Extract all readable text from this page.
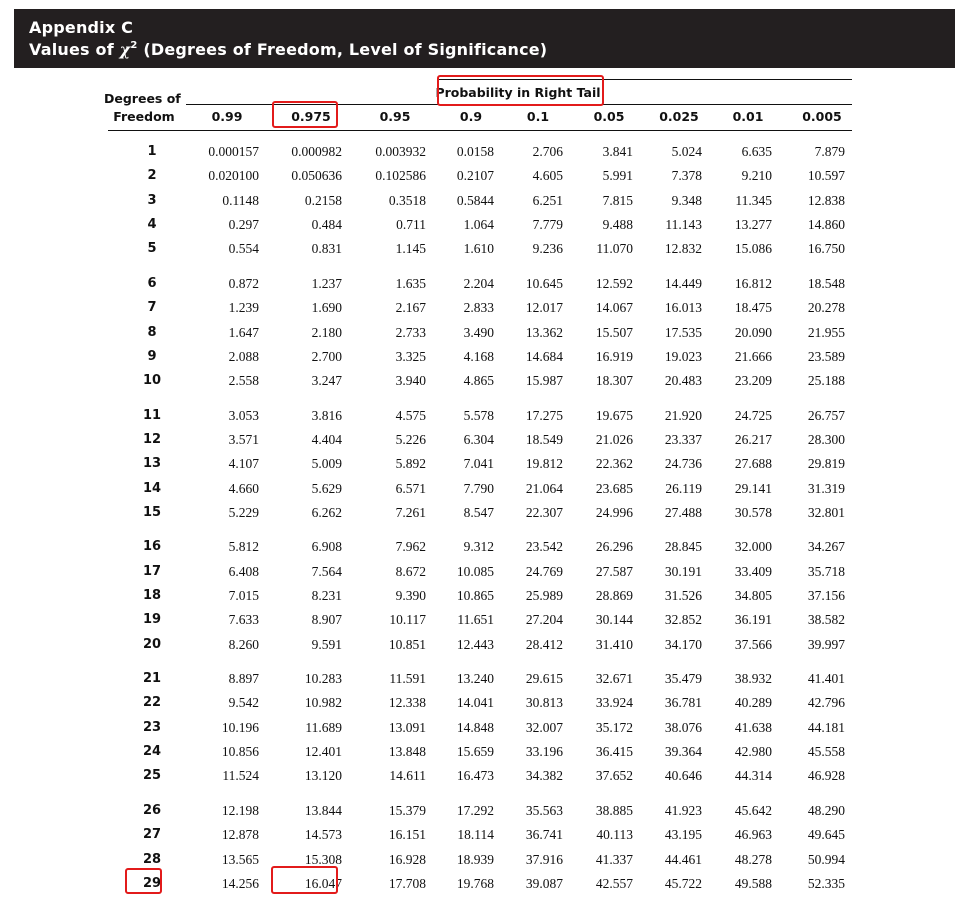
Appendix C
Values of $\chi^2$ (Degrees of Freedom, Level of Significance)
Probability in Right Tail
Degrees of
Freedom	0.99	0.975	0.95	0.9	0.1	0.05	0.025	0.01	0.005
1	0.000157	0.000982	0.003932	0.0158	2.706	3.841	5.024	6.635	7.879
2	0.020100	0.050636	0.102586	0.2107	4.605	5.991	7.378	9.210	10.597
3	0.1148	0.2158	0.3518	0.5844	6.251	7.815	9.348	11.345	12.838
4	0.297	0.484	0.711	1.064	7.779	9.488	11.143	13.277	14.860
5	0.554	0.831	1.145	1.610	9.236	11.070	12.832	15.086	16.750
6	0.872	1.237	1.635	2.204	10.645	12.592	14.449	16.812	18.548
7	1.239	1.690	2.167	2.833	12.017	14.067	16.013	18.475	20.278
8	1.647	2.180	2.733	3.490	13.362	15.507	17.535	20.090	21.955
9	2.088	2.700	3.325	4.168	14.684	16.919	19.023	21.666	23.589
10	2.558	3.247	3.940	4.865	15.987	18.307	20.483	23.209	25.188
11	3.053	3.816	4.575	5.578	17.275	19.675	21.920	24.725	26.757
12	3.571	4.404	5.226	6.304	18.549	21.026	23.337	26.217	28.300
13	4.107	5.009	5.892	7.041	19.812	22.362	24.736	27.688	29.819
14	4.660	5.629	6.571	7.790	21.064	23.685	26.119	29.141	31.319
15	5.229	6.262	7.261	8.547	22.307	24.996	27.488	30.578	32.801
16	5.812	6.908	7.962	9.312	23.542	26.296	28.845	32.000	34.267
17	6.408	7.564	8.672	10.085	24.769	27.587	30.191	33.409	35.718
18	7.015	8.231	9.390	10.865	25.989	28.869	31.526	34.805	37.156
19	7.633	8.907	10.117	11.651	27.204	30.144	32.852	36.191	38.582
20	8.260	9.591	10.851	12.443	28.412	31.410	34.170	37.566	39.997
21	8.897	10.283	11.591	13.240	29.615	32.671	35.479	38.932	41.401
22	9.542	10.982	12.338	14.041	30.813	33.924	36.781	40.289	42.796
23	10.196	11.689	13.091	14.848	32.007	35.172	38.076	41.638	44.181
24	10.856	12.401	13.848	15.659	33.196	36.415	39.364	42.980	45.558
25	11.524	13.120	14.611	16.473	34.382	37.652	40.646	44.314	46.928
26	12.198	13.844	15.379	17.292	35.563	38.885	41.923	45.642	48.290
27	12.878	14.573	16.151	18.114	36.741	40.113	43.195	46.963	49.645
28	13.565	15.308	16.928	18.939	37.916	41.337	44.461	48.278	50.994
29	14.256	16.047	17.708	19.768	39.087	42.557	45.722	49.588	52.335
